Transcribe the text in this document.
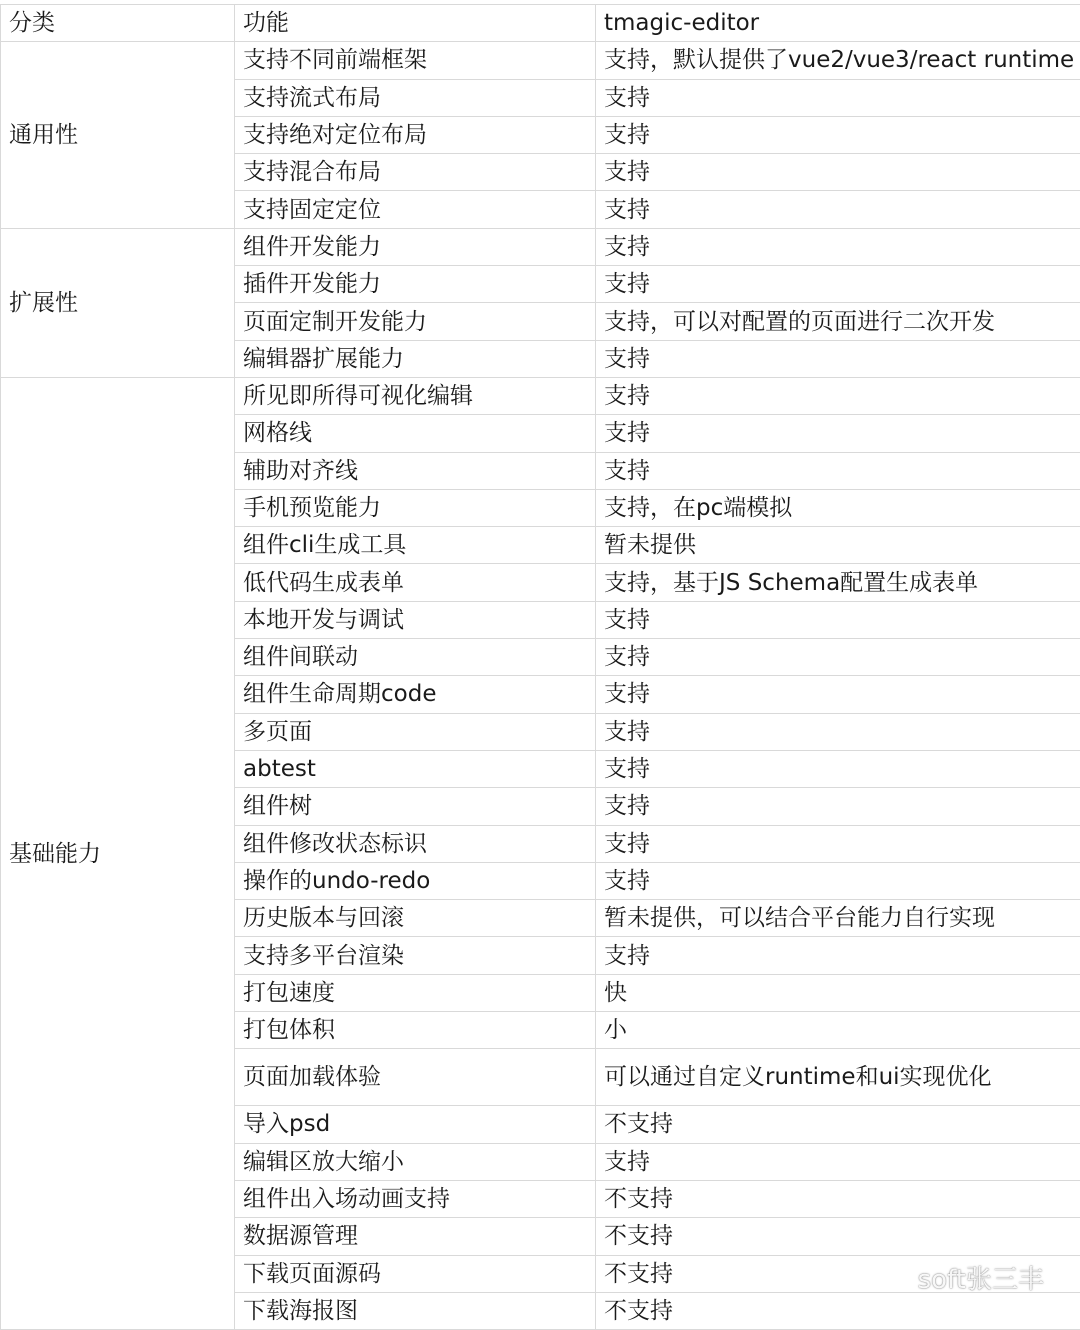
分类	功能	tmagic-editor
通用性	支持不同前端框架	支持，默认提供了vue2/vue3/react runtime
	支持流式布局	支持
	支持绝对定位布局	支持
	支持混合布局	支持
	支持固定定位	支持
扩展性	组件开发能力	支持
	插件开发能力	支持
	页面定制开发能力	支持，可以对配置的页面进行二次开发
	编辑器扩展能力	支持
基础能力	所见即所得可视化编辑	支持
	网格线	支持
	辅助对齐线	支持
	手机预览能力	支持，在pc端模拟
	组件cli生成工具	暂未提供
	低代码生成表单	支持，基于JS Schema配置生成表单
	本地开发与调试	支持
	组件间联动	支持
	组件生命周期code	支持
	多页面	支持
	abtest	支持
	组件树	支持
	组件修改状态标识	支持
	操作的undo-redo	支持
	历史版本与回滚	暂未提供，可以结合平台能力自行实现
	支持多平台渲染	支持
	打包速度	快
	打包体积	小
	页面加载体验	可以通过自定义runtime和ui实现优化
	导入psd	不支持
	编辑区放大缩小	支持
	组件出入场动画支持	不支持
	数据源管理	不支持
	下载页面源码	不支持
	下载海报图	不支持
soft张三丰
